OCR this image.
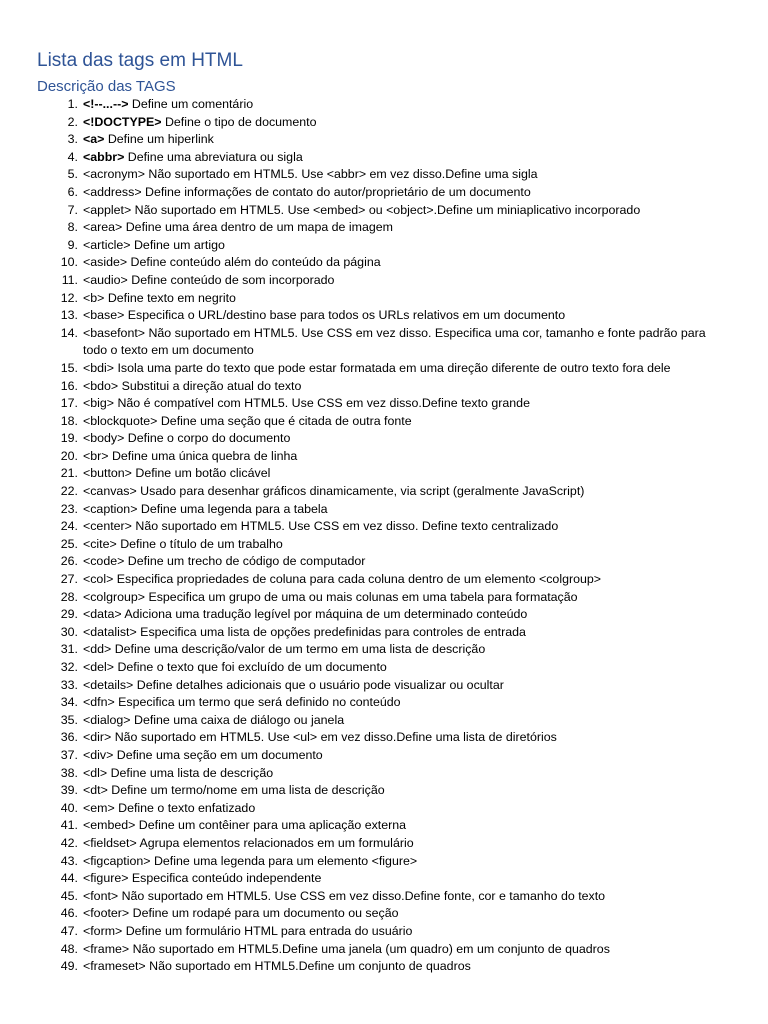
Lista das tags em HTML
Descrição das TAGS
1. <!--...--> Define um comentário
2. <!DOCTYPE> Define o tipo de documento
3. <a> Define um hiperlink
4. <abbr> Define uma abreviatura ou sigla
5. <acronym> Não suportado em HTML5. Use <abbr> em vez disso.Define uma sigla
6. <address> Define informações de contato do autor/proprietário de um documento
7. <applet> Não suportado em HTML5. Use <embed> ou <object>.Define um miniaplicativo incorporado
8. <area> Define uma área dentro de um mapa de imagem
9. <article> Define um artigo
10. <aside> Define conteúdo além do conteúdo da página
11. <audio> Define conteúdo de som incorporado
12. <b> Define texto em negrito
13. <base> Especifica o URL/destino base para todos os URLs relativos em um documento
14. <basefont> Não suportado em HTML5. Use CSS em vez disso. Especifica uma cor, tamanho e fonte padrão para todo o texto em um documento
15. <bdi> Isola uma parte do texto que pode estar formatada em uma direção diferente de outro texto fora dele
16. <bdo> Substitui a direção atual do texto
17. <big> Não é compatível com HTML5. Use CSS em vez disso.Define texto grande
18. <blockquote> Define uma seção que é citada de outra fonte
19. <body> Define o corpo do documento
20. <br> Define uma única quebra de linha
21. <button> Define um botão clicável
22. <canvas> Usado para desenhar gráficos dinamicamente, via script (geralmente JavaScript)
23. <caption> Define uma legenda para a tabela
24. <center> Não suportado em HTML5. Use CSS em vez disso. Define texto centralizado
25. <cite> Define o título de um trabalho
26. <code> Define um trecho de código de computador
27. <col> Especifica propriedades de coluna para cada coluna dentro de um elemento <colgroup>
28. <colgroup> Especifica um grupo de uma ou mais colunas em uma tabela para formatação
29. <data> Adiciona uma tradução legível por máquina de um determinado conteúdo
30. <datalist> Especifica uma lista de opções predefinidas para controles de entrada
31. <dd> Define uma descrição/valor de um termo em uma lista de descrição
32. <del> Define o texto que foi excluído de um documento
33. <details> Define detalhes adicionais que o usuário pode visualizar ou ocultar
34. <dfn> Especifica um termo que será definido no conteúdo
35. <dialog> Define uma caixa de diálogo ou janela
36. <dir> Não suportado em HTML5. Use <ul> em vez disso.Define uma lista de diretórios
37. <div> Define uma seção em um documento
38. <dl> Define uma lista de descrição
39. <dt> Define um termo/nome em uma lista de descrição
40. <em> Define o texto enfatizado
41. <embed> Define um contêiner para uma aplicação externa
42. <fieldset> Agrupa elementos relacionados em um formulário
43. <figcaption> Define uma legenda para um elemento <figure>
44. <figure> Especifica conteúdo independente
45. <font> Não suportado em HTML5. Use CSS em vez disso.Define fonte, cor e tamanho do texto
46. <footer> Define um rodapé para um documento ou seção
47. <form> Define um formulário HTML para entrada do usuário
48. <frame> Não suportado em HTML5.Define uma janela (um quadro) em um conjunto de quadros
49. <frameset> Não suportado em HTML5.Define um conjunto de quadros
